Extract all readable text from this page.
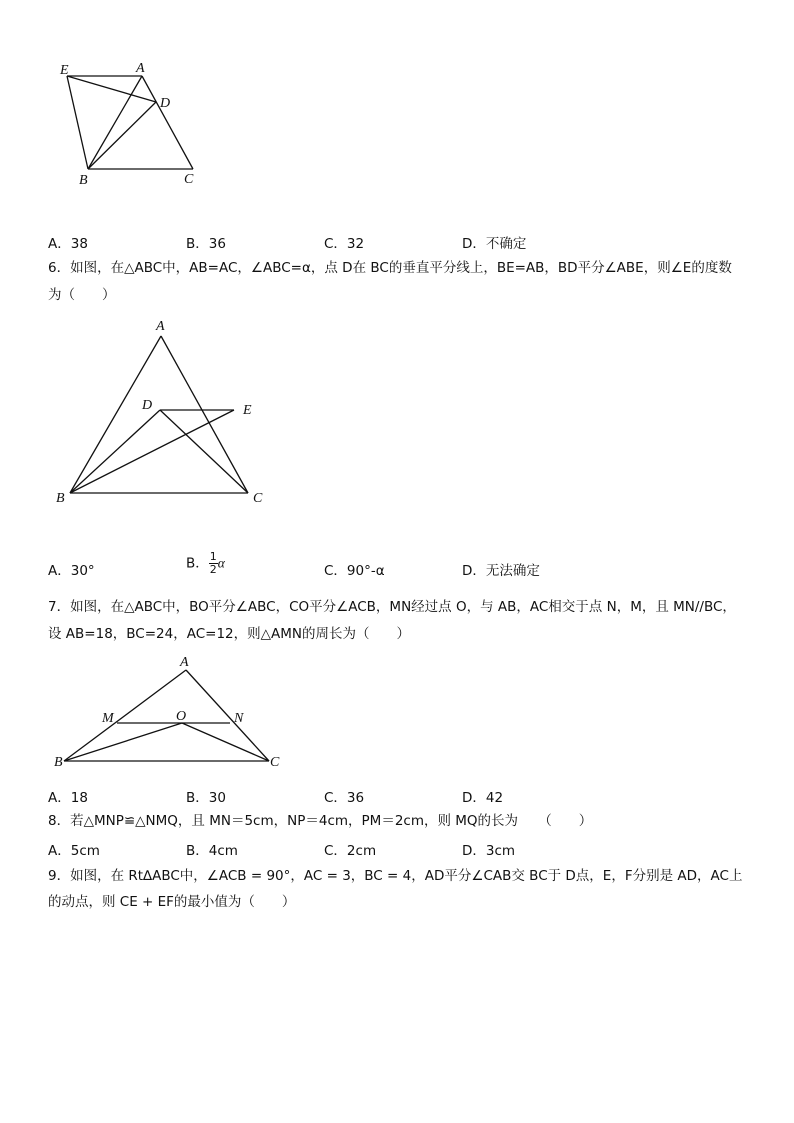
E	A
D
B	C
A．38	B．36	C．32	D．不确定
6．如图，在△ABC中，AB=AC，∠ABC=α，点 D在 BC的垂直平分线上，BE=AB，BD平分∠ABE，则∠E的度数
为（　　）
A
D	E
B	C
A．30°	B． $\frac{1}{2}$ α	C．90°-α	D．无法确定
7．如图，在△ABC中，BO平分∠ABC，CO平分∠ACB，MN经过点 O，与 AB，AC相交于点 N，M，且 MN//BC，
设 AB=18，BC=24，AC=12，则△AMN的周长为（　　）
A
M	O	N
B	C
A．18	B．30	C．36	D．42
8．若△MNP≌△NMQ，且 MN＝5cm，NP＝4cm，PM＝2cm，则 MQ的长为　　（　　）
A．5cm	B．4cm	C．2cm	D．3cm
9．如图，在 Rt∆ABC中，∠ACB = 90°，AC = 3，BC = 4，AD平分∠CAB交 BC于 D点，E，F分别是 AD，AC上
的动点，则 CE + EF的最小值为（　　）
